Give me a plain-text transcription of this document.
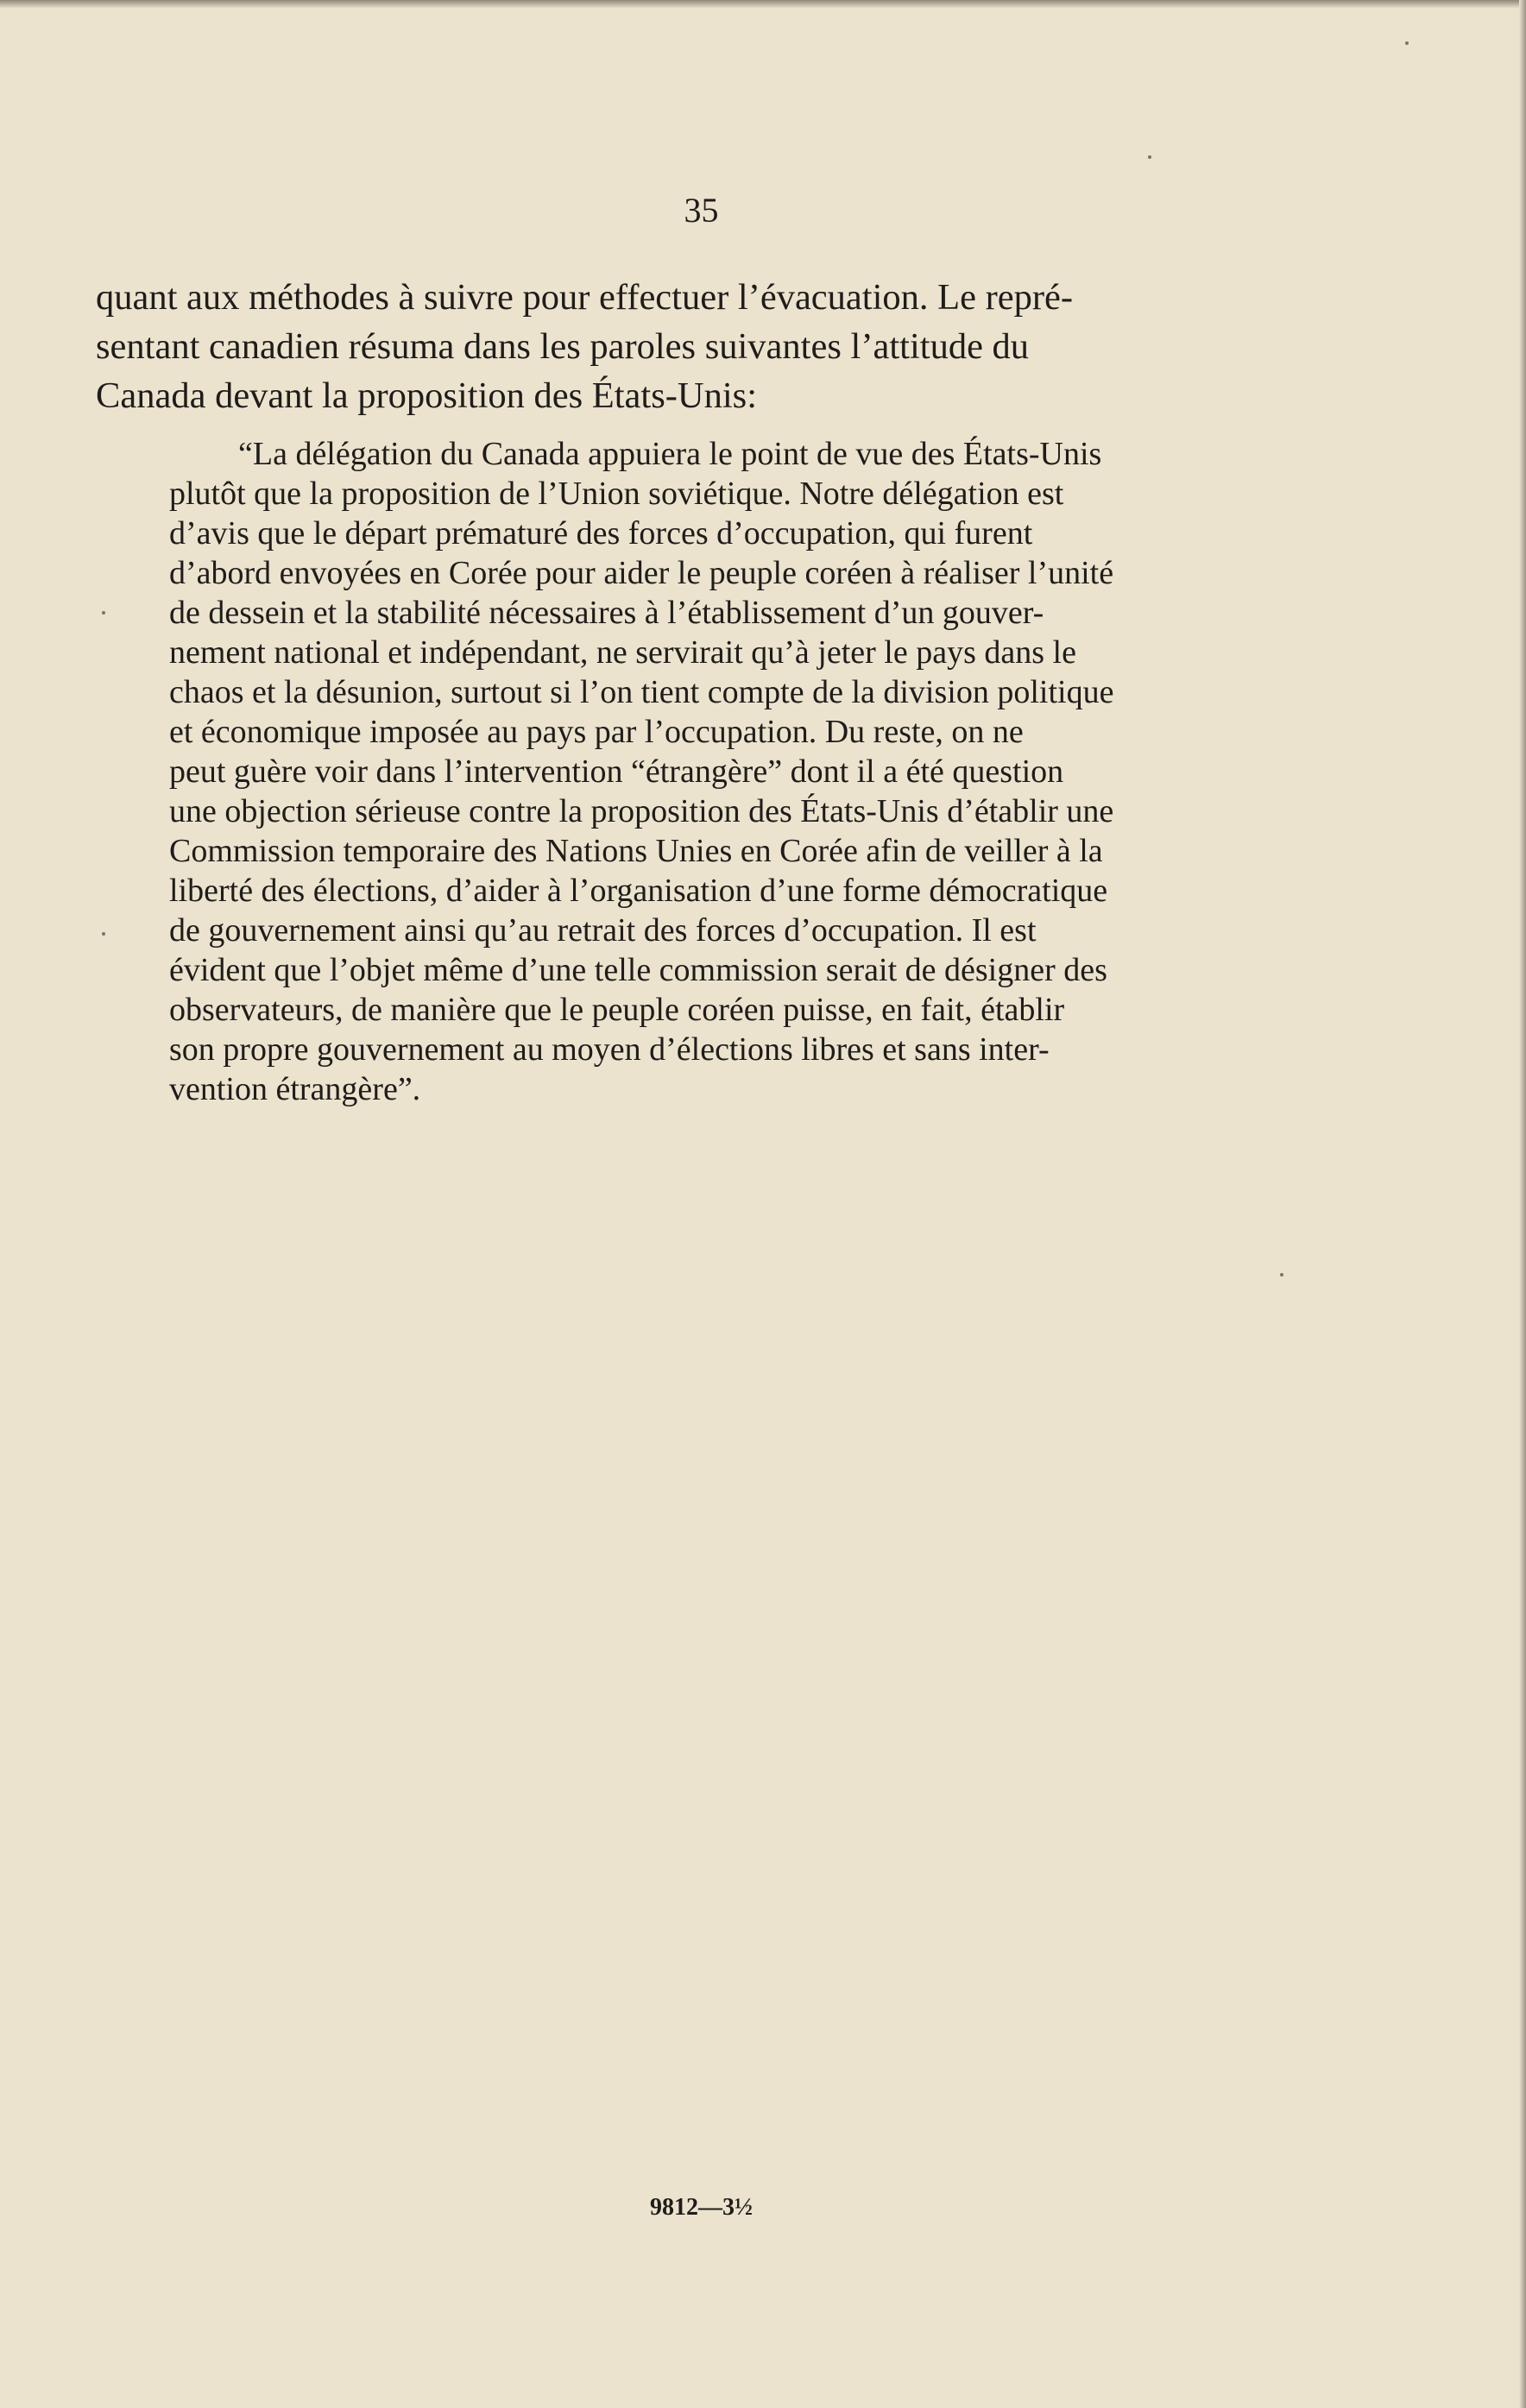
35
quant aux méthodes à suivre pour effectuer l’évacuation. Le repré-
sentant canadien résuma dans les paroles suivantes l’attitude du
Canada devant la proposition des États-Unis:
“La délégation du Canada appuiera le point de vue des États-Unis
plutôt que la proposition de l’Union soviétique. Notre délégation est
d’avis que le départ prématuré des forces d’occupation, qui furent
d’abord envoyées en Corée pour aider le peuple coréen à réaliser l’unité
de dessein et la stabilité nécessaires à l’établissement d’un gouver-
nement national et indépendant, ne servirait qu’à jeter le pays dans le
chaos et la désunion, surtout si l’on tient compte de la division politique
et économique imposée au pays par l’occupation. Du reste, on ne
peut guère voir dans l’intervention “étrangère” dont il a été question
une objection sérieuse contre la proposition des États-Unis d’établir une
Commission temporaire des Nations Unies en Corée afin de veiller à la
liberté des élections, d’aider à l’organisation d’une forme démocratique
de gouvernement ainsi qu’au retrait des forces d’occupation. Il est
évident que l’objet même d’une telle commission serait de désigner des
observateurs, de manière que le peuple coréen puisse, en fait, établir
son propre gouvernement au moyen d’élections libres et sans inter-
vention étrangère”.
9812—3½
